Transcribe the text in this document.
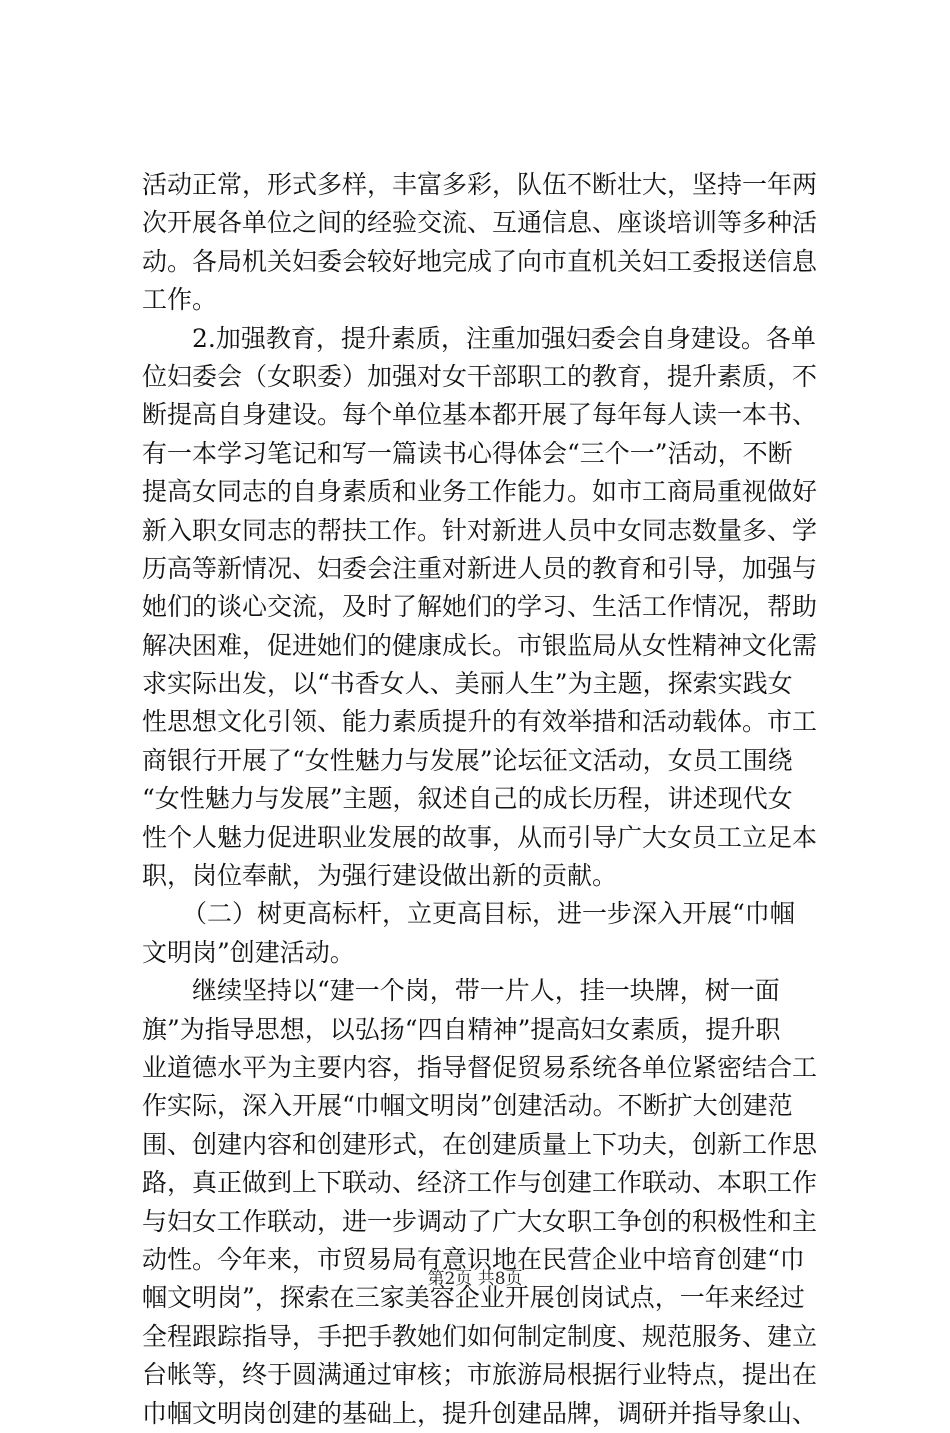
活动正常，形式多样，丰富多彩，队伍不断壮大，坚持一年两
次开展各单位之间的经验交流、互通信息、座谈培训等多种活
动。各局机关妇委会较好地完成了向市直机关妇工委报送信息
工作。
2.加强教育，提升素质，注重加强妇委会自身建设。各单
位妇委会（女职委）加强对女干部职工的教育，提升素质，不
断提高自身建设。每个单位基本都开展了每年每人读一本书、
有一本学习笔记和写一篇读书心得体会“三个一”活动，不断
提高女同志的自身素质和业务工作能力。如市工商局重视做好
新入职女同志的帮扶工作。针对新进人员中女同志数量多、学
历高等新情况、妇委会注重对新进人员的教育和引导，加强与
她们的谈心交流，及时了解她们的学习、生活工作情况，帮助
解决困难，促进她们的健康成长。市银监局从女性精神文化需
求实际出发，以“书香女人、美丽人生”为主题，探索实践女
性思想文化引领、能力素质提升的有效举措和活动载体。市工
商银行开展了“女性魅力与发展”论坛征文活动，女员工围绕
“女性魅力与发展”主题，叙述自己的成长历程，讲述现代女
性个人魅力促进职业发展的故事，从而引导广大女员工立足本
职，岗位奉献，为强行建设做出新的贡献。
（二）树更高标杆，立更高目标，进一步深入开展“巾帼
文明岗”创建活动。
继续坚持以“建一个岗，带一片人，挂一块牌，树一面
旗”为指导思想，以弘扬“四自精神”提高妇女素质，提升职
业道德水平为主要内容，指导督促贸易系统各单位紧密结合工
作实际，深入开展“巾帼文明岗”创建活动。不断扩大创建范
围、创建内容和创建形式，在创建质量上下功夫，创新工作思
路，真正做到上下联动、经济工作与创建工作联动、本职工作
与妇女工作联动，进一步调动了广大女职工争创的积极性和主
动性。今年来，市贸易局有意识地在民营企业中培育创建“巾
帼文明岗”，探索在三家美容企业开展创岗试点，一年来经过
全程跟踪指导，手把手教她们如何制定制度、规范服务、建立
台帐等，终于圆满通过审核；市旅游局根据行业特点，提出在
巾帼文明岗创建的基础上，提升创建品牌，调研并指导象山、
第2页 共8页
